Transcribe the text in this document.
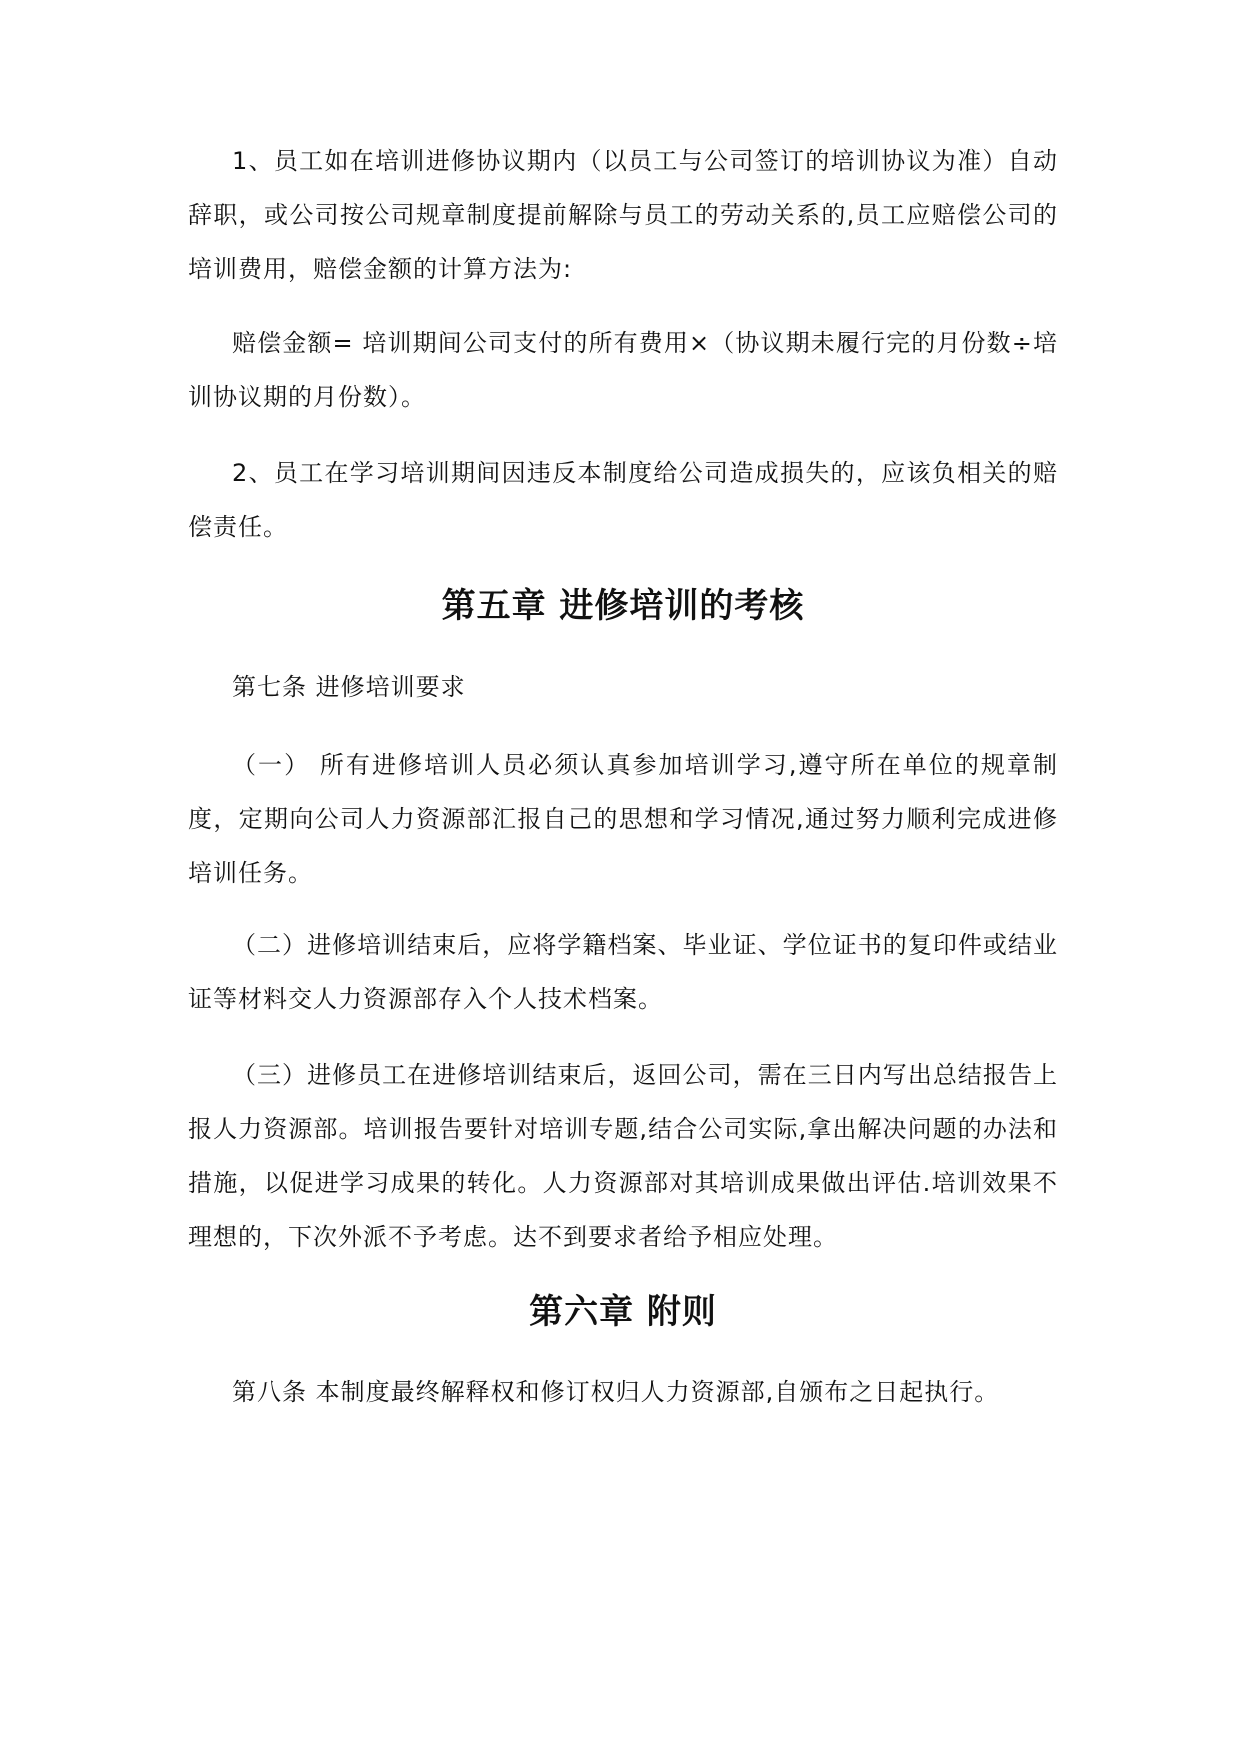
1、员工如在培训进修协议期内（以员工与公司签订的培训协议为准）自动辞职，或公司按公司规章制度提前解除与员工的劳动关系的,员工应赔偿公司的培训费用，赔偿金额的计算方法为:

赔偿金额= 培训期间公司支付的所有费用×（协议期未履行完的月份数÷培训协议期的月份数）。

2、员工在学习培训期间因违反本制度给公司造成损失的，应该负相关的赔偿责任。

第五章 进修培训的考核

第七条 进修培训要求

（一） 所有进修培训人员必须认真参加培训学习,遵守所在单位的规章制度，定期向公司人力资源部汇报自己的思想和学习情况,通过努力顺利完成进修培训任务。

（二）进修培训结束后，应将学籍档案、毕业证、学位证书的复印件或结业证等材料交人力资源部存入个人技术档案。

（三）进修员工在进修培训结束后，返回公司，需在三日内写出总结报告上报人力资源部。培训报告要针对培训专题,结合公司实际,拿出解决问题的办法和措施，以促进学习成果的转化。人力资源部对其培训成果做出评估.培训效果不理想的，下次外派不予考虑。达不到要求者给予相应处理。

第六章 附则

第八条 本制度最终解释权和修订权归人力资源部,自颁布之日起执行。
